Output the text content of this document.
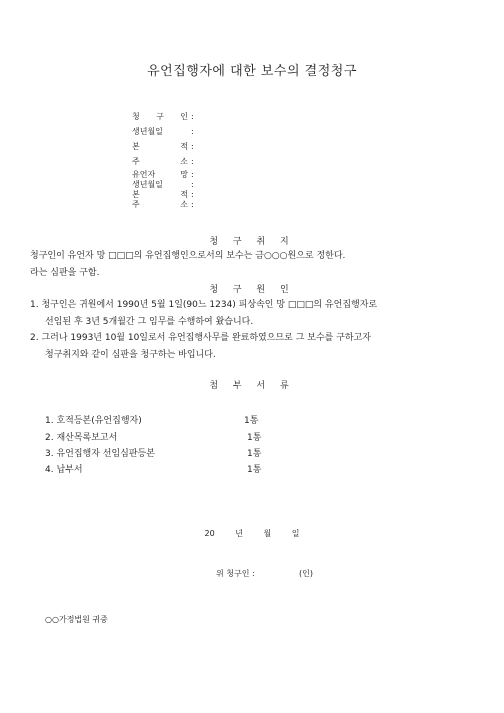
유언집행자에 대한 보수의 결정청구
청 구 인 :
생년월일	:
본 적 :
주 소 :
유언자 망 :
생년월일	:
본 적 :
주 소 :
청 구 취 지
청구인이 유언자 망 □□□의 유언집행인으로서의 보수는 금○○○원으로 정한다.
라는 심판을 구함.
청 구 원 인
1. 청구인은 귀원에서 1990년 5월 1일(90느 1234) 피상속인 망 □□□의 유언집행자로
선임된 후 3년 5개월간 그 임무를 수행하여 왔습니다.
2. 그러나 1993년 10월 10일로서 유언집행사무를 완료하였으므로 그 보수를 구하고자
청구취지와 같이 심판을 청구하는 바입니다.
첨 부 서 류
1. 호적등본(유언집행자)	1통
2. 재산목록보고서	1통
3. 유언집행자 선임심판등본	1통
4. 납부서	1통
20 년 월 일
위 청구인 :	(인)
○○가정법원 귀중
